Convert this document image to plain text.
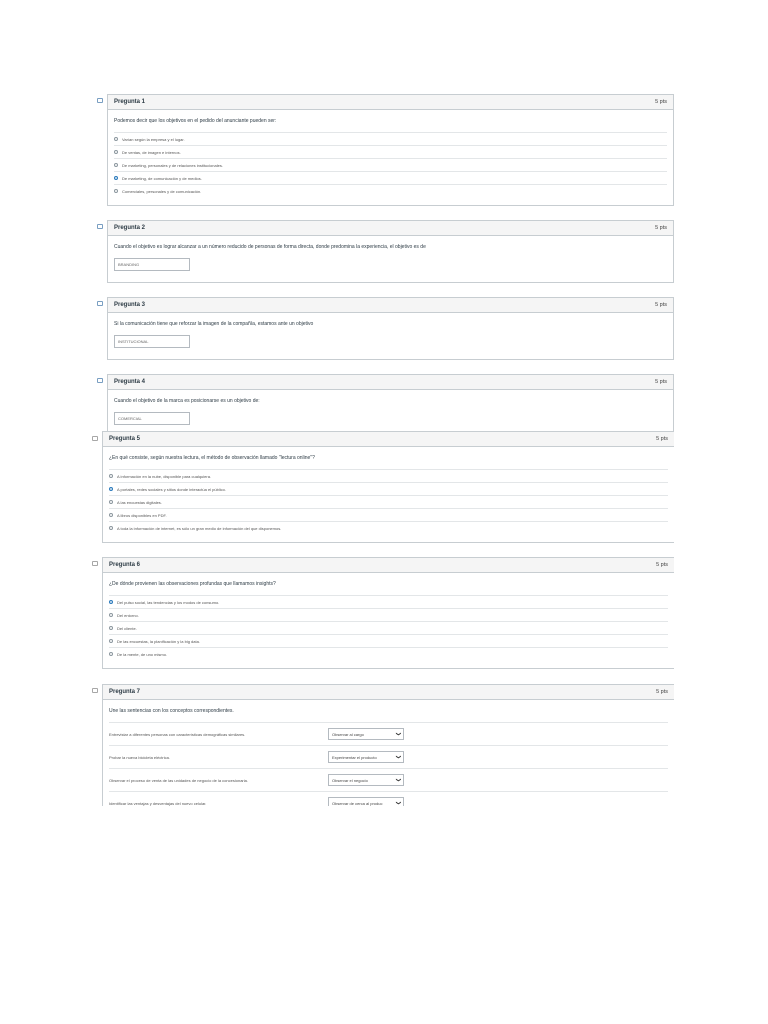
Pregunta 1	5 pts
Podemos decir que los objetivos en el pedido del anunciante pueden ser:
Varían según la empresa y el lugar.
De ventas, de imagen e internos.
De marketing, personales y de relaciones institucionales.
De marketing, de comunicación y de medios.
Comerciales, personales y de comunicación.
Pregunta 2	5 pts
Cuando el objetivo es lograr alcanzar a un número reducido de personas de forma directa, donde predomina la experiencia, el objetivo es de
BRANDING
Pregunta 3	5 pts
Si la comunicación tiene que reforzar la imagen de la compañía, estamos ante un objetivo
INSTITUCIONAL
Pregunta 4	5 pts
Cuando el objetivo de la marca es posicionarse es un objetivo de:
COMERCIAL
Pregunta 5	5 pts
¿En qué consiste, según nuestra lectura, el método de observación llamado "lectura online"?
A información en la nube, disponible para cualquiera.
A portales, redes sociales y sitios donde interactúa el público.
A las encuestas digitales.
A libros disponibles en PDF.
A toda la información de internet, es sólo un gran medio de información del que disponemos.
Pregunta 6	5 pts
¿De dónde provienen las observaciones profundas que llamamos insights?
Del pulso social, las tendencias y los modos de consumo.
Del entorno.
Del cliente.
De las encuestas, la planificación y la big data.
De la mente, de uno mismo.
Pregunta 7	5 pts
Une las sentencias con los conceptos correspondientes.
Entrevistar a diferentes personas con características demográficas similares.	Observar al cargo	❯
Probar la nueva bicicleta eléctrica.	Experimentar el producto	❯
Observar el proceso de venta de las unidades de negocio de la concesionaria.	Observar el negocio	❯
Identificar las ventajas y desventajas del nuevo celular.	Observar de cerca al produc ❯
